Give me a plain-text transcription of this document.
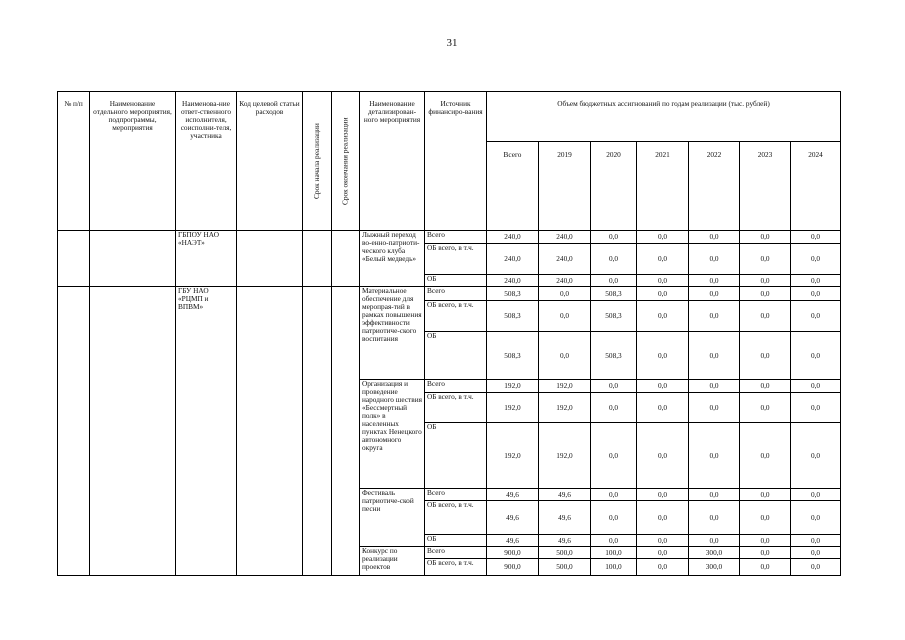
31
№ п/п	Наименование отдельного мероприятия, подпрограммы, мероприятия	Наименова-ние ответ-ственного исполнителя, соисполни-теля, участника	Код целевой статьи расходов	Срок начала реализации	Срок окончания реализации	Наименование детализирован-ного мероприятия	Источник финансиро-вания	Объем бюджетных ассигнований по годам реализации (тыс. рублей)						
								Всего	2019	2020	2021	2022	2023	2024
		ГБПОУ НАО «НАЭТ»				Лыжный переход во-енно-патриоти-ческого клуба «Белый медведь»	Всего	240,0	240,0	0,0	0,0	0,0	0,0	0,0
							ОБ всего, в т.ч.	240,0	240,0	0,0	0,0	0,0	0,0	0,0
							ОБ	240,0	240,0	0,0	0,0	0,0	0,0	0,0
		ГБУ НАО «РЦМП и ВПВМ»				Материальное обеспечение для меропрая-тий в рамках повышения эффективности патриотиче-ского воспитания	Всего	508,3	0,0	508,3	0,0	0,0	0,0	0,0
							ОБ всего, в т.ч.	508,3	0,0	508,3	0,0	0,0	0,0	0,0
							ОБ	508,3	0,0	508,3	0,0	0,0	0,0	0,0
						Организация и проведение народного шествия «Бессмертный полк» в населенных пунктах Ненецкого автономного округа	Всего	192,0	192,0	0,0	0,0	0,0	0,0	0,0
							ОБ всего, в т.ч.	192,0	192,0	0,0	0,0	0,0	0,0	0,0
							ОБ	192,0	192,0	0,0	0,0	0,0	0,0	0,0
						Фестиваль патриотиче-ской песни	Всего	49,6	49,6	0,0	0,0	0,0	0,0	0,0
							ОБ всего, в т.ч.	49,6	49,6	0,0	0,0	0,0	0,0	0,0
							ОБ	49,6	49,6	0,0	0,0	0,0	0,0	0,0
						Конкурс по реализации проектов	Всего	900,0	500,0	100,0	0,0	300,0	0,0	0,0
							ОБ всего, в т.ч.	900,0	500,0	100,0	0,0	300,0	0,0	0,0
